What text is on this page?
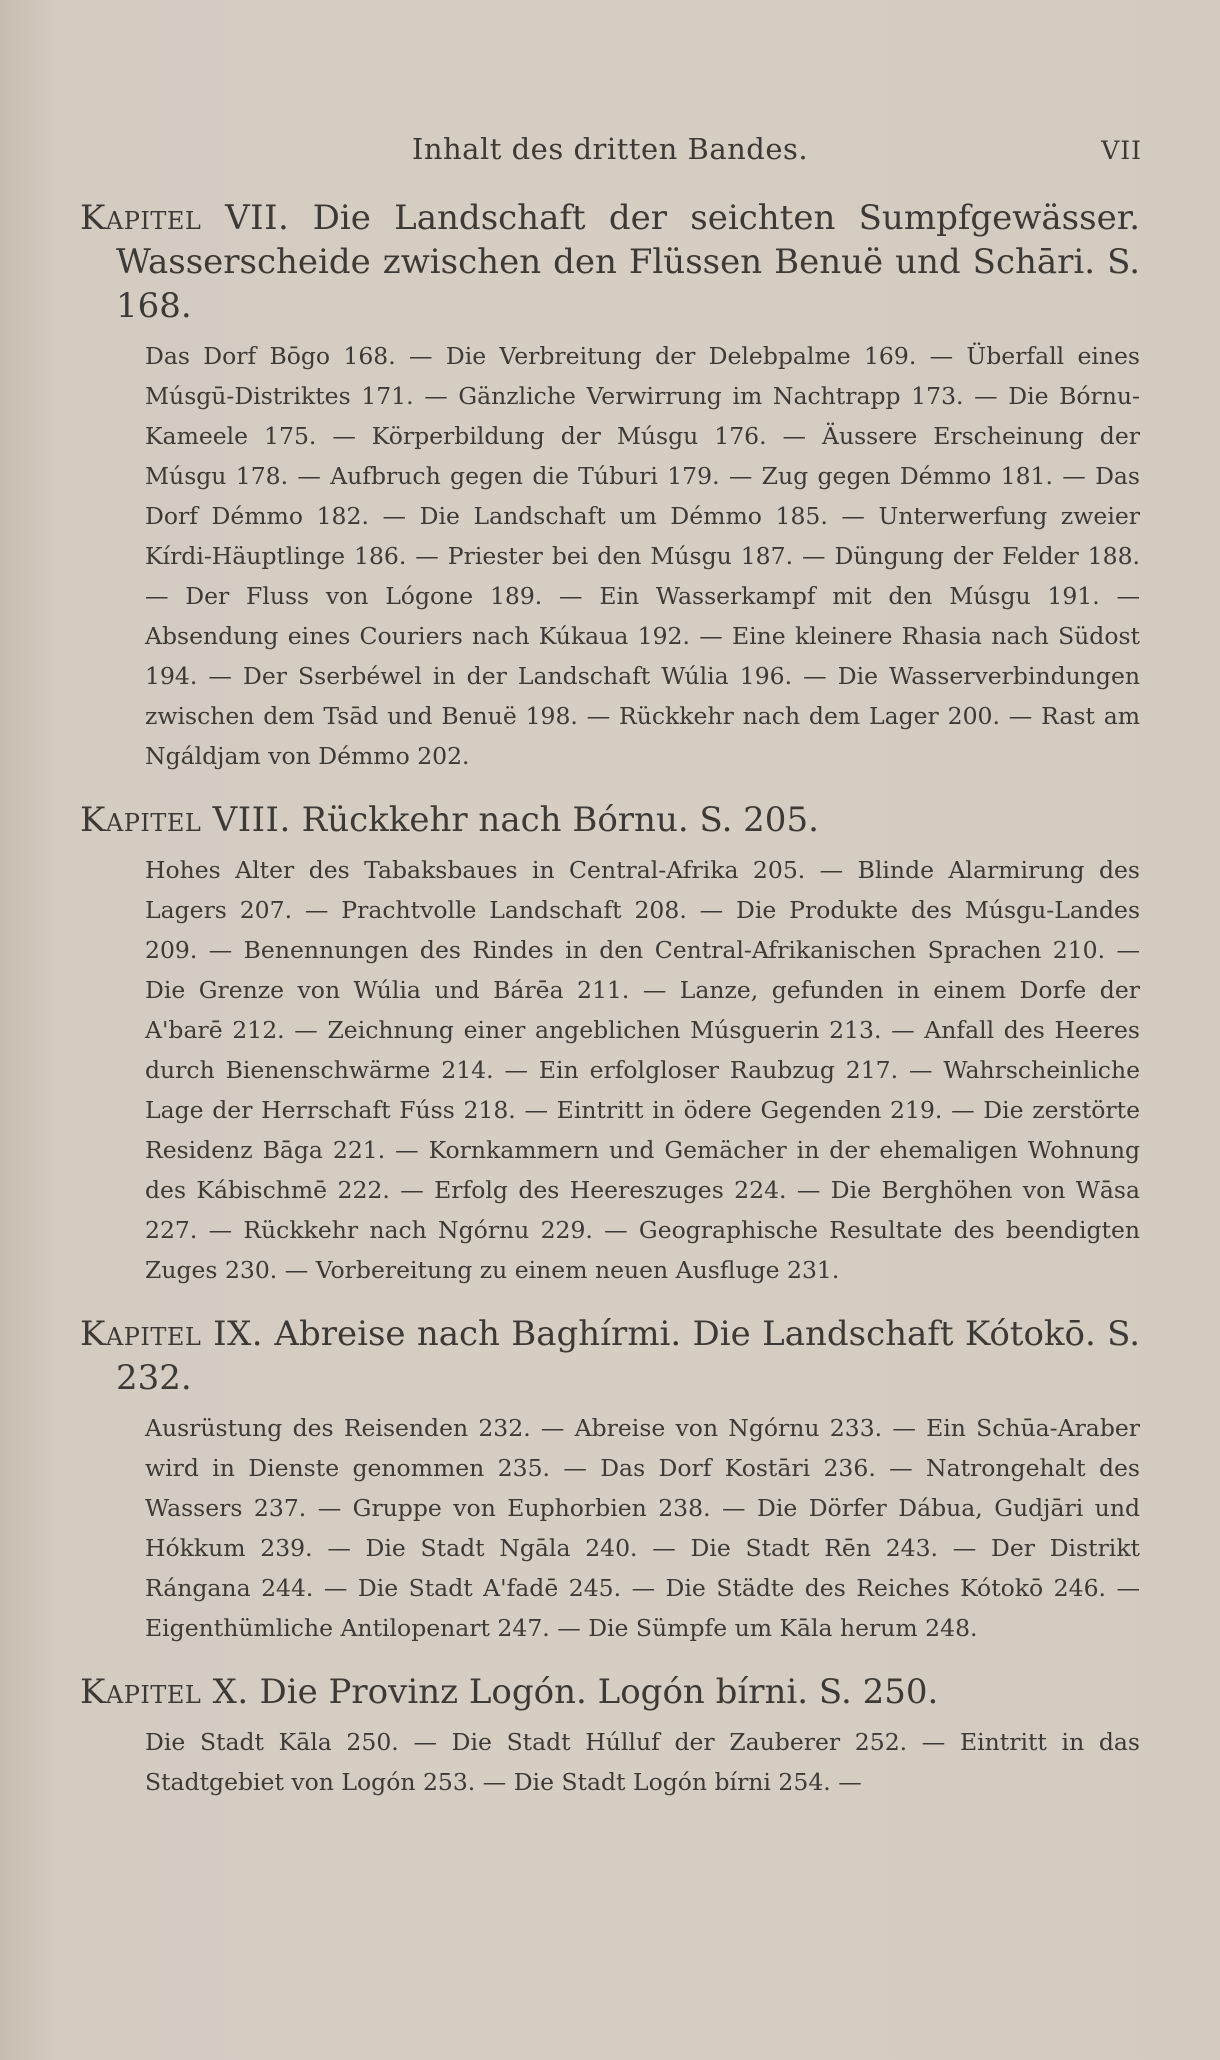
Inhalt des dritten Bandes.	VII
Kapitel VII. Die Landschaft der seichten Sumpfgewässer. Wasserscheide zwischen den Flüssen Benuë und Schāri. S. 168.
Das Dorf Bōgo 168. — Die Verbreitung der Delebpalme 169. — Überfall eines Músgū-Distriktes 171. — Gänzliche Verwirrung im Nachtrapp 173. — Die Bórnu-Kameele 175. — Körperbildung der Músgu 176. — Äussere Erscheinung der Músgu 178. — Aufbruch gegen die Túburi 179. — Zug gegen Démmo 181. — Das Dorf Démmo 182. — Die Landschaft um Démmo 185. — Unterwerfung zweier Kírdi-Häuptlinge 186. — Priester bei den Músgu 187. — Düngung der Felder 188. — Der Fluss von Lógone 189. — Ein Wasserkampf mit den Músgu 191. — Absendung eines Couriers nach Kúkaua 192. — Eine kleinere Rhasia nach Südost 194. — Der Sserbéwel in der Landschaft Wúlia 196. — Die Wasserverbindungen zwischen dem Tsād und Benuë 198. — Rückkehr nach dem Lager 200. — Rast am Ngáldjam von Démmo 202.
Kapitel VIII. Rückkehr nach Bórnu. S. 205.
Hohes Alter des Tabaksbaues in Central-Afrika 205. — Blinde Alarmirung des Lagers 207. — Prachtvolle Landschaft 208. — Die Produkte des Músgu-Landes 209. — Benennungen des Rindes in den Central-Afrikanischen Sprachen 210. — Die Grenze von Wúlia und Bárēa 211. — Lanze, gefunden in einem Dorfe der A'barē 212. — Zeichnung einer angeblichen Músguerin 213. — Anfall des Heeres durch Bienenschwärme 214. — Ein erfolgloser Raubzug 217. — Wahrscheinliche Lage der Herrschaft Fúss 218. — Eintritt in ödere Gegenden 219. — Die zerstörte Residenz Bāga 221. — Kornkammern und Gemächer in der ehemaligen Wohnung des Kábischmē 222. — Erfolg des Heereszuges 224. — Die Berghöhen von Wāsa 227. — Rückkehr nach Ngórnu 229. — Geographische Resultate des beendigten Zuges 230. — Vorbereitung zu einem neuen Ausfluge 231.
Kapitel IX. Abreise nach Baghírmi. Die Landschaft Kótokō. S. 232.
Ausrüstung des Reisenden 232. — Abreise von Ngórnu 233. — Ein Schūa-Araber wird in Dienste genommen 235. — Das Dorf Kostāri 236. — Natrongehalt des Wassers 237. — Gruppe von Euphorbien 238. — Die Dörfer Dábua, Gudjāri und Hókkum 239. — Die Stadt Ngāla 240. — Die Stadt Rēn 243. — Der Distrikt Rángana 244. — Die Stadt A'fadē 245. — Die Städte des Reiches Kótokō 246. — Eigenthümliche Antilopenart 247. — Die Sümpfe um Kāla herum 248.
Kapitel X. Die Provinz Logón. Logón bírni. S. 250.
Die Stadt Kāla 250. — Die Stadt Húlluf der Zauberer 252. — Eintritt in das Stadtgebiet von Logón 253. — Die Stadt Logón bírni 254. —
